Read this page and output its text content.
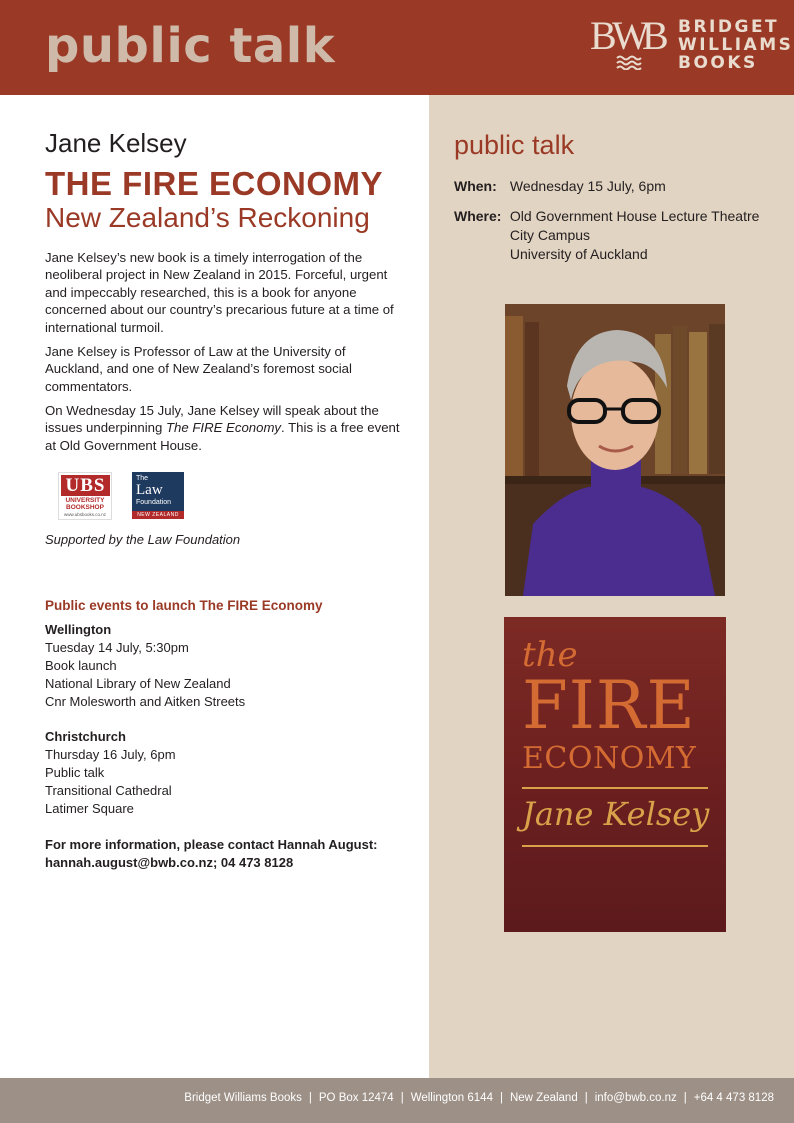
public talk	B
W
B BRIDGET
WILLIAMS
BOOKS
public talk
When: Wednesday 15 July, 6pm
Where: Old Government House Lecture Theatre
City Campus
University of Auckland
the
FIRE
ECONOMY
Jane Kelsey
Jane Kelsey
THE FIRE ECONOMY
New Zealand’s Reckoning

Jane Kelsey’s new book is a timely interrogation of the neoliberal project in New Zealand in 2015. Forceful, urgent and impeccably researched, this is a book for anyone concerned about our country’s precarious future at a time of international turmoil.

Jane Kelsey is Professor of Law at the University of Auckland, and one of New Zealand’s foremost social commentators.

On Wednesday 15 July, Jane Kelsey will speak about the issues underpinning The FIRE Economy. This is a free event at Old Government House.

UBS
UNIVERSITY
BOOKSHOP
www.ubsbooks.co.nz
The
Law
Foundation
NEW ZEALAND
Supported by the Law Foundation
Public events to launch The FIRE Economy
Wellington
Tuesday 14 July, 5:30pm
Book launch
National Library of New Zealand
Cnr Molesworth and Aitken Streets
Christchurch
Thursday 16 July, 6pm
Public talk
Transitional Cathedral
Latimer Square
For more information, please contact Hannah August:
hannah.august@bwb.co.nz; 04 473 8128
Bridget Williams Books | PO Box 12474 | Wellington 6144 | New Zealand | info@bwb.co.nz | +64 4 473 8128
